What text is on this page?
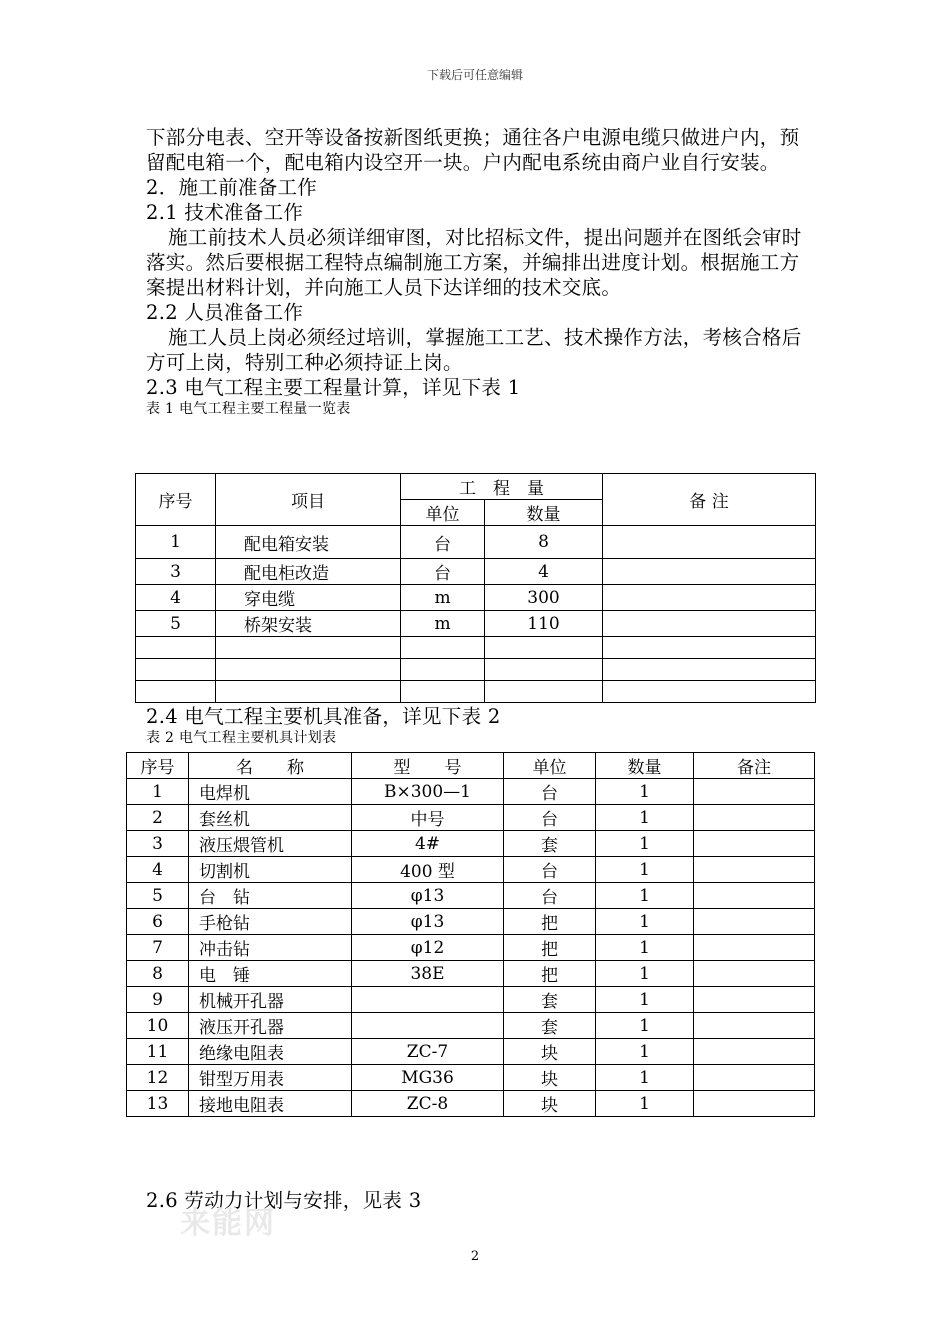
下载后可任意编辑

下部分电表、空开等设备按新图纸更换；通往各户电源电缆只做进户内，预留配电箱一个，配电箱内设空开一块。户内配电系统由商户业自行安装。

2．施工前准备工作

2.1 技术准备工作

施工前技术人员必须详细审图，对比招标文件，提出问题并在图纸会审时落实。然后要根据工程特点编制施工方案，并编排出进度计划。根据施工方案提出材料计划，并向施工人员下达详细的技术交底。

2.2 人员准备工作

施工人员上岗必须经过培训，掌握施工工艺、技术操作方法，考核合格后方可上岗，特别工种必须持证上岗。

2.3 电气工程主要工程量计算，详见下表 1

表 1 电气工程主要工程量一览表

序号	项目	工　程　量		备 注
		单位	数量	
1	配电箱安装	台	8	
3	配电柜改造	台	4	
4	穿电缆	m	300	
5	桥架安装	m	110	

2.4 电气工程主要机具准备，详见下表 2

表 2 电气工程主要机具计划表

序号	名　　称	型　　号	单位	数量	备注
1	电焊机	B×300—1	台	1	
2	套丝机	中号	台	1	
3	液压煨管机	4#	套	1	
4	切割机	400 型	台	1	
5	台　钻	φ13	台	1	
6	手枪钻	φ13	把	1	
7	冲击钻	φ12	把	1	
8	电　锤	38E	把	1	
9	机械开孔器		套	1	
10	液压开孔器		套	1	
11	绝缘电阻表	ZC-7	块	1	
12	钳型万用表	MG36	块	1	
13	接地电阻表	ZC-8	块	1	

2.6 劳动力计划与安排，见表 3

来能网
2
